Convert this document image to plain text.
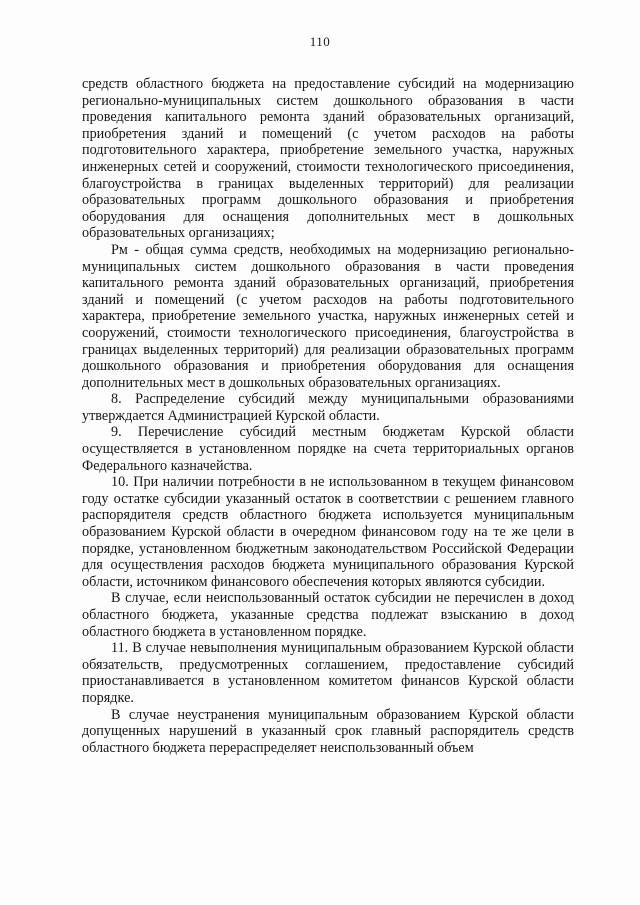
110

средств областного бюджета на предоставление субсидий на модернизацию регионально-муниципальных систем дошкольного образования в части проведения капитального ремонта зданий образовательных организаций, приобретения зданий и помещений (с учетом расходов на работы подготовительного характера, приобретение земельного участка, наружных инженерных сетей и сооружений, стоимости технологического присоединения, благоустройства в границах выделенных территорий) для реализации образовательных программ дошкольного образования и приобретения оборудования для оснащения дополнительных мест в дошкольных образовательных организациях;

Pм - общая сумма средств, необходимых на модернизацию регионально-муниципальных систем дошкольного образования в части проведения капитального ремонта зданий образовательных организаций, приобретения зданий и помещений (с учетом расходов на работы подготовительного характера, приобретение земельного участка, наружных инженерных сетей и сооружений, стоимости технологического присоединения, благоустройства в границах выделенных территорий) для реализации образовательных программ дошкольного образования и приобретения оборудования для оснащения дополнительных мест в дошкольных образовательных организациях.

8. Распределение субсидий между муниципальными образованиями утверждается Администрацией Курской области.

9. Перечисление субсидий местным бюджетам Курской области осуществляется в установленном порядке на счета территориальных органов Федерального казначейства.

10. При наличии потребности в не использованном в текущем финансовом году остатке субсидии указанный остаток в соответствии с решением главного распорядителя средств областного бюджета используется муниципальным образованием Курской области в очередном финансовом году на те же цели в порядке, установленном бюджетным законодательством Российской Федерации для осуществления расходов бюджета муниципального образования Курской области, источником финансового обеспечения которых являются субсидии.

В случае, если неиспользованный остаток субсидии не перечислен в доход областного бюджета, указанные средства подлежат взысканию в доход областного бюджета в установленном порядке.

11. В случае невыполнения муниципальным образованием Курской области обязательств, предусмотренных соглашением, предоставление субсидий приостанавливается в установленном комитетом финансов Курской области порядке.

В случае неустранения муниципальным образованием Курской области допущенных нарушений в указанный срок главный распорядитель средств областного бюджета перераспределяет неиспользованный объем
